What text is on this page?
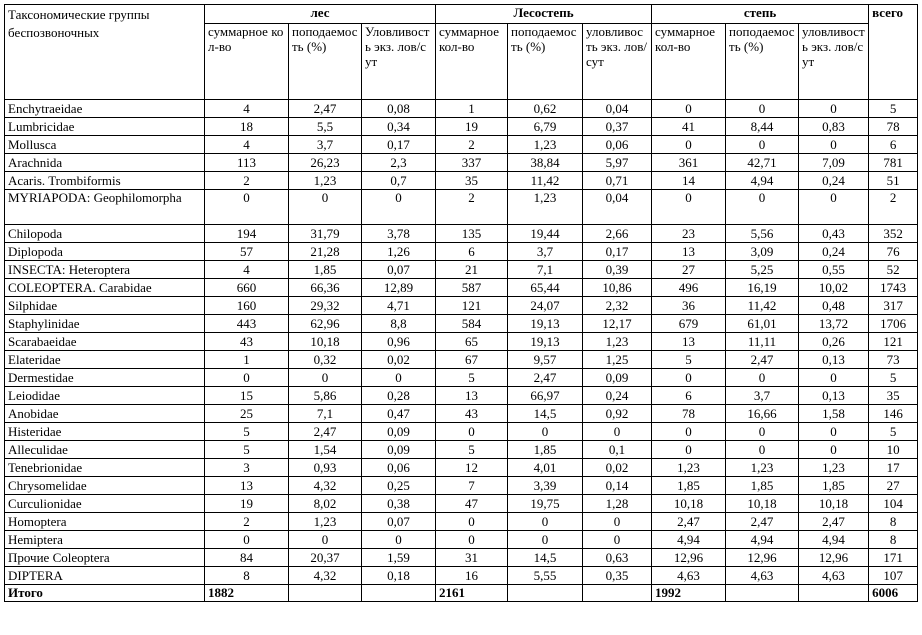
Таксономические группы беспозвоночных	лес			Лесостепь			степь			всего
	суммарное кол-во	поподаемость (%)	Уловливость экз. лов/сут	суммарное кол-во	поподаемость (%)	уловливость экз. лов/сут	суммарное кол-во	поподаемость (%)	уловливость экз. лов/сут	
Enchytraeidae	4	2,47	0,08	1	0,62	0,04	0	0	0	5
Lumbricidae	18	5,5	0,34	19	6,79	0,37	41	8,44	0,83	78
Mollusca	4	3,7	0,17	2	1,23	0,06	0	0	0	6
Arachnida	113	26,23	2,3	337	38,84	5,97	361	42,71	7,09	781
Acaris. Trombiformis	2	1,23	0,7	35	11,42	0,71	14	4,94	0,24	51
MYRIAPODA: Geophilomorpha	0	0	0	2	1,23	0,04	0	0	0	2
Chilopoda	194	31,79	3,78	135	19,44	2,66	23	5,56	0,43	352
Diplopoda	57	21,28	1,26	6	3,7	0,17	13	3,09	0,24	76
INSECTA: Heteroptera	4	1,85	0,07	21	7,1	0,39	27	5,25	0,55	52
COLEOPTERA. Carabidae	660	66,36	12,89	587	65,44	10,86	496	16,19	10,02	1743
Silphidae	160	29,32	4,71	121	24,07	2,32	36	11,42	0,48	317
Staphylinidae	443	62,96	8,8	584	19,13	12,17	679	61,01	13,72	1706
Scarabaeidae	43	10,18	0,96	65	19,13	1,23	13	11,11	0,26	121
Elateridae	1	0,32	0,02	67	9,57	1,25	5	2,47	0,13	73
Dermestidae	0	0	0	5	2,47	0,09	0	0	0	5
Leiodidae	15	5,86	0,28	13	66,97	0,24	6	3,7	0,13	35
Anobidae	25	7,1	0,47	43	14,5	0,92	78	16,66	1,58	146
Histeridae	5	2,47	0,09	0	0	0	0	0	0	5
Alleculidae	5	1,54	0,09	5	1,85	0,1	0	0	0	10
Tenebrionidae	3	0,93	0,06	12	4,01	0,02	1,23	1,23	1,23	17
Chrysomelidae	13	4,32	0,25	7	3,39	0,14	1,85	1,85	1,85	27
Curculionidae	19	8,02	0,38	47	19,75	1,28	10,18	10,18	10,18	104
Homoptera	2	1,23	0,07	0	0	0	2,47	2,47	2,47	8
Hemiptera	0	0	0	0	0	0	4,94	4,94	4,94	8
Прочие Coleoptera	84	20,37	1,59	31	14,5	0,63	12,96	12,96	12,96	171
DIPTERA	8	4,32	0,18	16	5,55	0,35	4,63	4,63	4,63	107
Итого	1882			2161			1992			6006
